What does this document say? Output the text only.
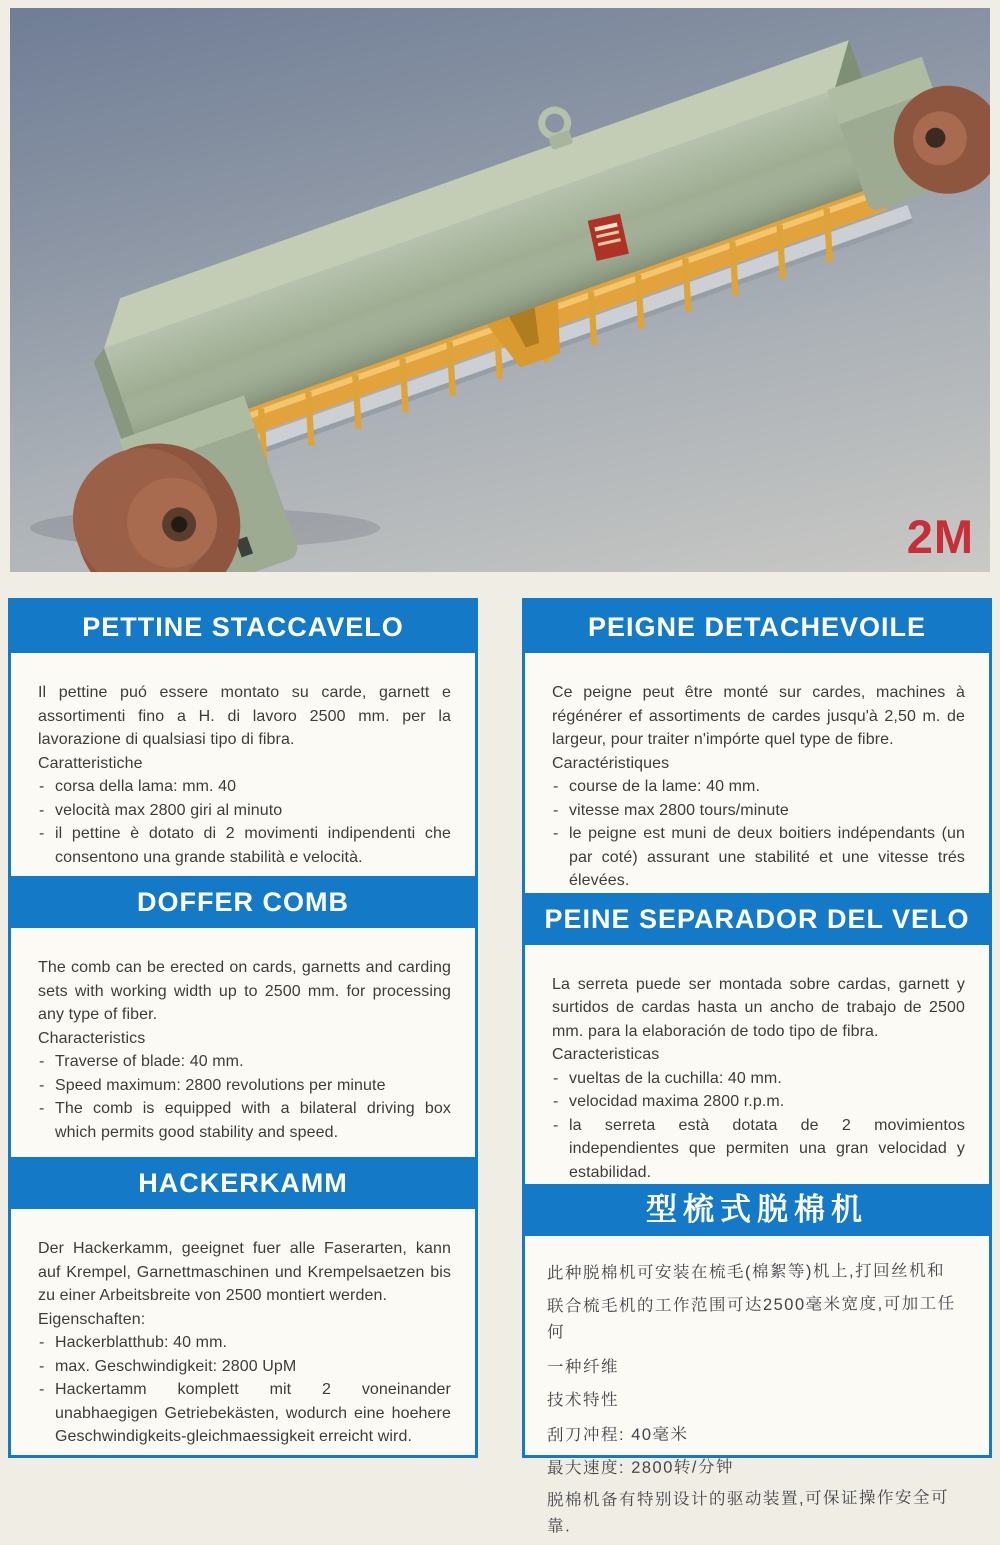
2M
PETTINE STACCAVELO

Il pettine puó essere montato su carde, garnett e assortimenti fino a H. di lavoro 2500 mm. per la lavorazione di qualsiasi tipo di fibra.

Caratteristiche

- corsa della lama: mm. 40
- velocità max 2800 giri al minuto
- il pettine è dotato di 2 movimenti indipendenti che consentono una grande stabilità e velocità.
DOFFER COMB

The comb can be erected on cards, garnetts and carding sets with working width up to 2500 mm. for processing any type of fiber.

Characteristics

- Traverse of blade: 40 mm.
- Speed maximum: 2800 revolutions per minute
- The comb is equipped with a bilateral driving box which permits good stability and speed.
HACKERKAMM

Der Hackerkamm, geeignet fuer alle Faserarten, kann auf Krempel, Garnettmaschinen und Krempelsaetzen bis zu einer Arbeitsbreite von 2500 montiert werden.

Eigenschaften:

- Hackerblatthub: 40 mm.
- max. Geschwindigkeit: 2800 UpM
- Hackertamm komplett mit 2 voneinander unabhaegigen Getriebekästen, wodurch eine hoehere Geschwindigkeits-gleichmaessigkeit erreicht wird.
PEIGNE DETACHEVOILE

Ce peigne peut être monté sur cardes, machines à régénérer ef assortiments de cardes jusqu'à 2,50 m. de largeur, pour traiter n'impórte quel type de fibre.

Caractéristiques

- course de la lame: 40 mm.
- vitesse max 2800 tours/minute
- le peigne est muni de deux boitiers indépendants (un par coté) assurant une stabilité et une vitesse trés élevées.
PEINE SEPARADOR DEL VELO

La serreta puede ser montada sobre cardas, garnett y surtidos de cardas hasta un ancho de trabajo de 2500 mm. para la elaboración de todo tipo de fibra.

Caracteristicas

- vueltas de la cuchilla: 40 mm.
- velocidad maxima 2800 r.p.m.
- la serreta està dotata de 2 movimientos independientes que permiten una gran velocidad y estabilidad.
型梳式脱棉机

此种脱棉机可安装在梳毛(棉絮等)机上,打回丝机和

联合梳毛机的工作范围可达2500毫米宽度,可加工任何

一种纤维

技术特性

刮刀冲程: 40毫米

最大速度: 2800转/分钟

脱棉机备有特别设计的驱动装置,可保证操作安全可靠.
